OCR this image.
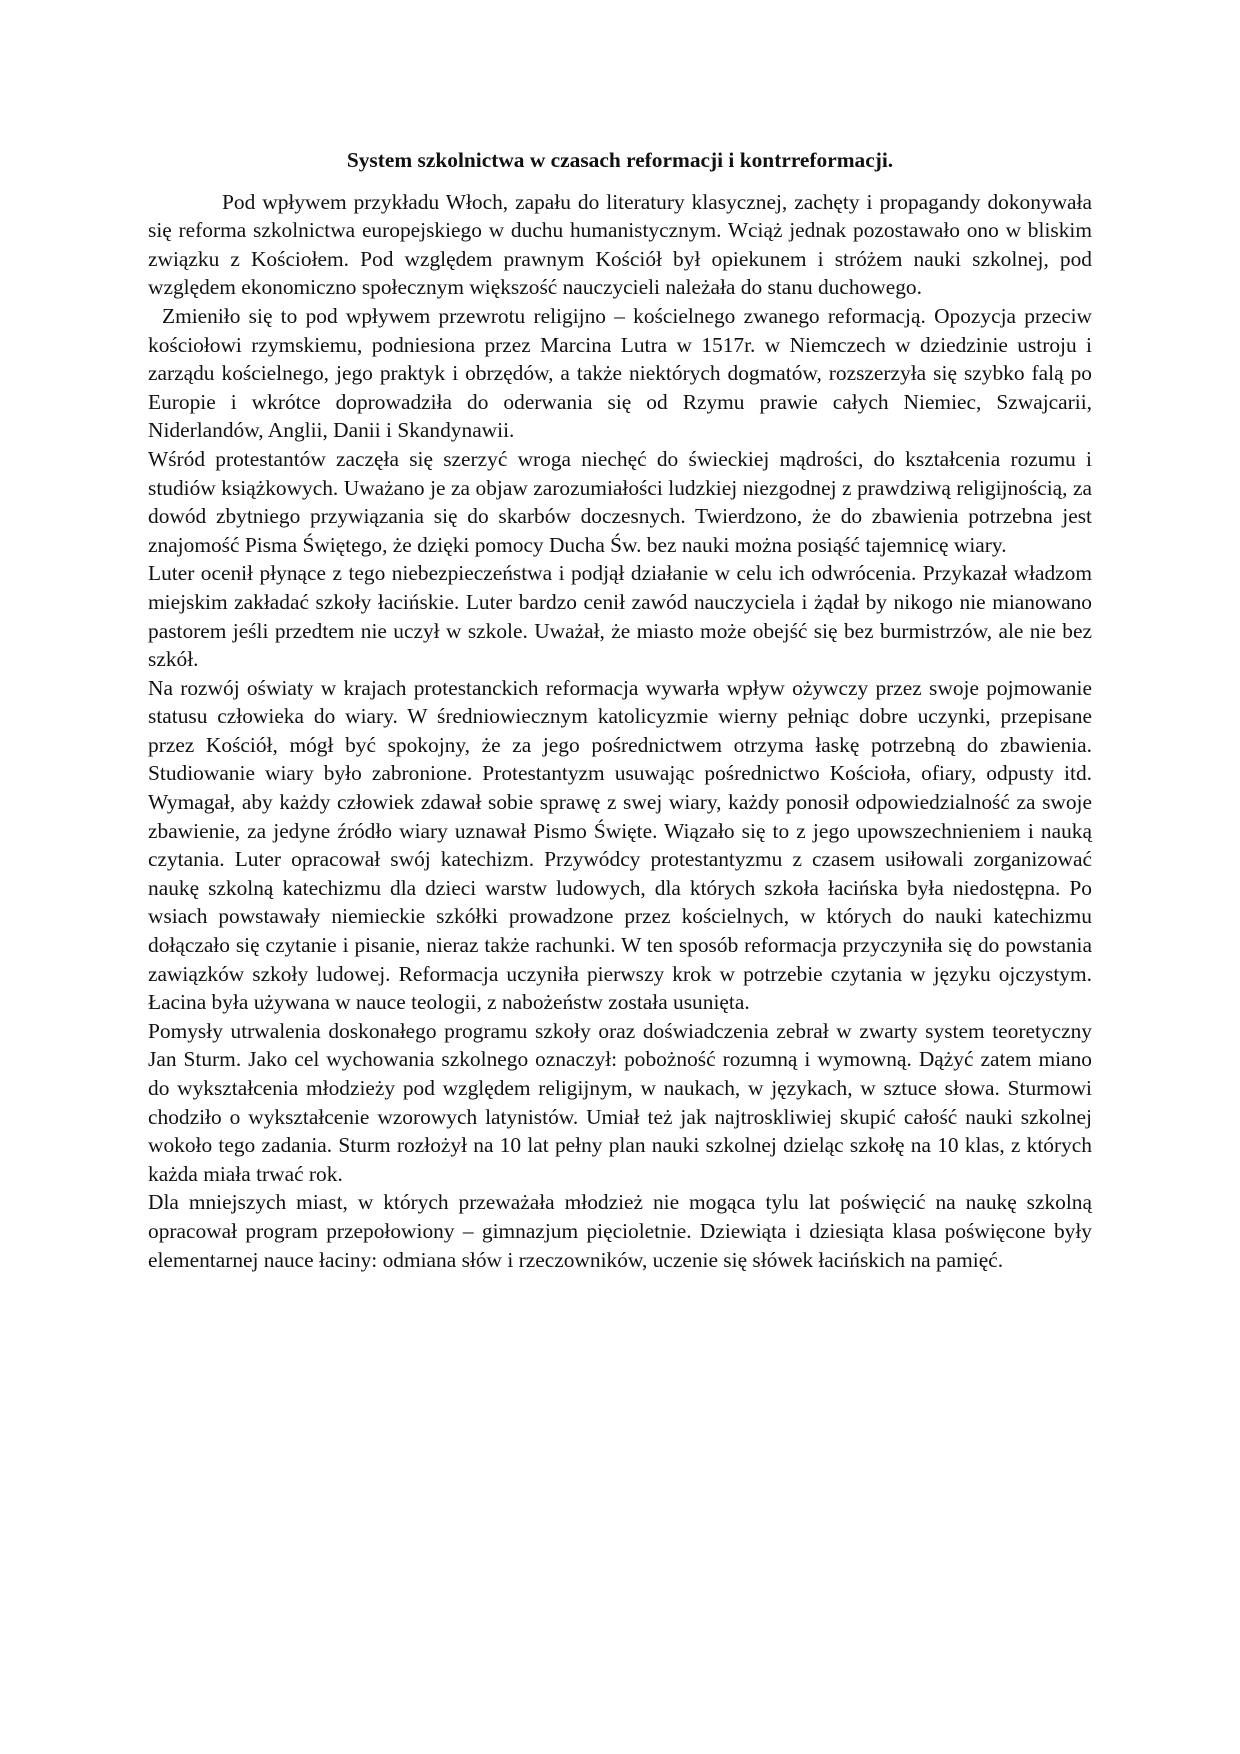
System szkolnictwa w czasach reformacji i kontrreformacji.

Pod wpływem przykładu Włoch, zapału do literatury klasycznej, zachęty i propagandy dokonywała się reforma szkolnictwa europejskiego w duchu humanistycznym. Wciąż jednak pozostawało ono w bliskim związku z Kościołem. Pod względem prawnym Kościół był opiekunem i stróżem nauki szkolnej, pod względem ekonomiczno społecznym większość nauczycieli należała do stanu duchowego.

Zmieniło się to pod wpływem przewrotu religijno – kościelnego zwanego reformacją. Opozycja przeciw kościołowi rzymskiemu, podniesiona przez Marcina Lutra w 1517r. w Niemczech w dziedzinie ustroju i zarządu kościelnego, jego praktyk i obrzędów, a także niektórych dogmatów, rozszerzyła się szybko falą po Europie i wkrótce doprowadziła do oderwania się od Rzymu prawie całych Niemiec, Szwajcarii, Niderlandów, Anglii, Danii i Skandynawii.

Wśród protestantów zaczęła się szerzyć wroga niechęć do świeckiej mądrości, do kształcenia rozumu i studiów książkowych. Uważano je za objaw zarozumiałości ludzkiej niezgodnej z prawdziwą religijnością, za dowód zbytniego przywiązania się do skarbów doczesnych. Twierdzono, że do zbawienia potrzebna jest znajomość Pisma Świętego, że dzięki pomocy Ducha Św. bez nauki można posiąść tajemnicę wiary.

Luter ocenił płynące z tego niebezpieczeństwa i podjął działanie w celu ich odwrócenia. Przykazał władzom miejskim zakładać szkoły łacińskie. Luter bardzo cenił zawód nauczyciela i żądał by nikogo nie mianowano pastorem jeśli przedtem nie uczył w szkole. Uważał, że miasto może obejść się bez burmistrzów, ale nie bez szkół.

Na rozwój oświaty w krajach protestanckich reformacja wywarła wpływ ożywczy przez swoje pojmowanie statusu człowieka do wiary. W średniowiecznym katolicyzmie wierny pełniąc dobre uczynki, przepisane przez Kościół, mógł być spokojny, że za jego pośrednictwem otrzyma łaskę potrzebną do zbawienia. Studiowanie wiary było zabronione. Protestantyzm usuwając pośrednictwo Kościoła, ofiary, odpusty itd. Wymagał, aby każdy człowiek zdawał sobie sprawę z swej wiary, każdy ponosił odpowiedzialność za swoje zbawienie, za jedyne źródło wiary uznawał Pismo Święte. Wiązało się to z jego upowszechnieniem i nauką czytania. Luter opracował swój katechizm. Przywódcy protestantyzmu z czasem usiłowali zorganizować naukę szkolną katechizmu dla dzieci warstw ludowych, dla których szkoła łacińska była niedostępna. Po wsiach powstawały niemieckie szkółki prowadzone przez kościelnych, w których do nauki katechizmu dołączało się czytanie i pisanie, nieraz także rachunki. W ten sposób reformacja przyczyniła się do powstania zawiązków szkoły ludowej. Reformacja uczyniła pierwszy krok w potrzebie czytania w języku ojczystym. Łacina była używana w nauce teologii, z nabożeństw została usunięta.

Pomysły utrwalenia doskonałego programu szkoły oraz doświadczenia zebrał w zwarty system teoretyczny Jan Sturm. Jako cel wychowania szkolnego oznaczył: pobożność rozumną i wymowną. Dążyć zatem miano do wykształcenia młodzieży pod względem religijnym, w naukach, w językach, w sztuce słowa. Sturmowi chodziło o wykształcenie wzorowych latynistów. Umiał też jak najtroskliwiej skupić całość nauki szkolnej wokoło tego zadania. Sturm rozłożył na 10 lat pełny plan nauki szkolnej dzieląc szkołę na 10 klas, z których każda miała trwać rok.

Dla mniejszych miast, w których przeważała młodzież nie mogąca tylu lat poświęcić na naukę szkolną opracował program przepołowiony – gimnazjum pięcioletnie. Dziewiąta i dziesiąta klasa poświęcone były elementarnej nauce łaciny: odmiana słów i rzeczowników, uczenie się słówek łacińskich na pamięć.
